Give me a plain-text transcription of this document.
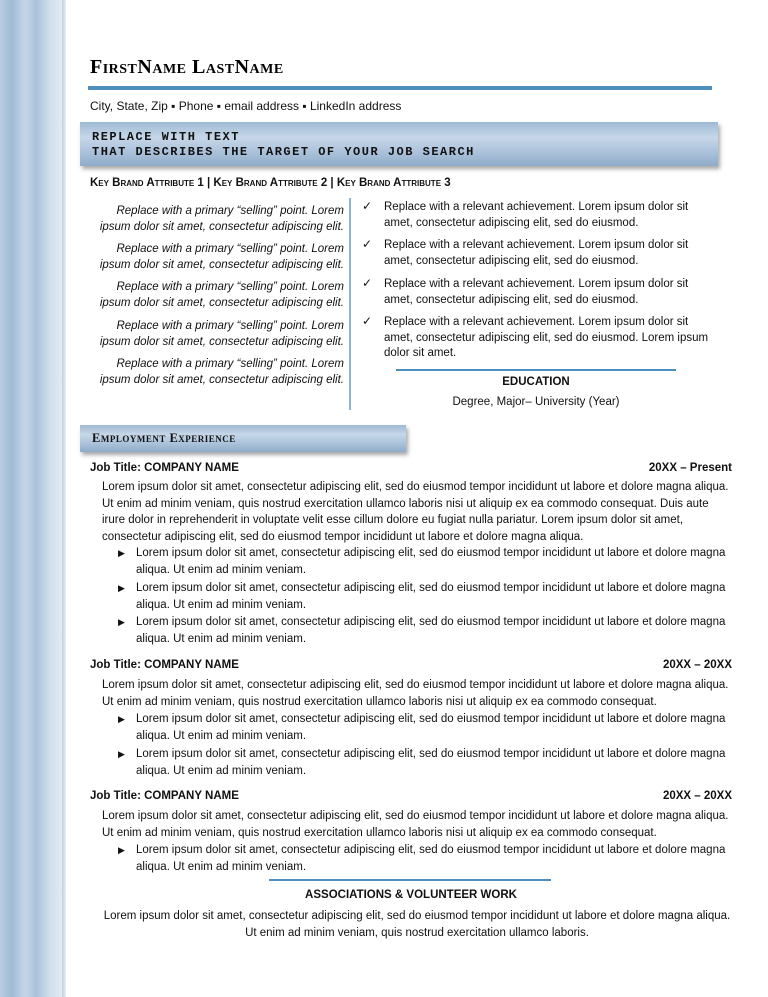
FirstName LastName
City, State, Zip ▪ Phone ▪ email address ▪ LinkedIn address
REPLACE WITH TEXT
THAT DESCRIBES THE TARGET OF YOUR JOB SEARCH
Key Brand Attribute 1 | Key Brand Attribute 2 | Key Brand Attribute 3
Replace with a primary “selling” point. Lorem ipsum dolor sit amet, consectetur adipiscing elit.
Replace with a primary “selling” point. Lorem ipsum dolor sit amet, consectetur adipiscing elit.
Replace with a primary “selling” point. Lorem ipsum dolor sit amet, consectetur adipiscing elit.
Replace with a primary “selling” point. Lorem ipsum dolor sit amet, consectetur adipiscing elit.
Replace with a primary “selling” point. Lorem ipsum dolor sit amet, consectetur adipiscing elit.
✓ Replace with a relevant achievement. Lorem ipsum dolor sit amet, consectetur adipiscing elit, sed do eiusmod.
✓ Replace with a relevant achievement. Lorem ipsum dolor sit amet, consectetur adipiscing elit, sed do eiusmod.
✓ Replace with a relevant achievement. Lorem ipsum dolor sit amet, consectetur adipiscing elit, sed do eiusmod.
✓ Replace with a relevant achievement. Lorem ipsum dolor sit amet, consectetur adipiscing elit, sed do eiusmod. Lorem ipsum dolor sit amet.
EDUCATION
Degree, Major– University (Year)
Employment Experience
Job Title: COMPANY NAME	20XX – Present
Lorem ipsum dolor sit amet, consectetur adipiscing elit, sed do eiusmod tempor incididunt ut labore et dolore magna aliqua. Ut enim ad minim veniam, quis nostrud exercitation ullamco laboris nisi ut aliquip ex ea commodo consequat. Duis aute irure dolor in reprehenderit in voluptate velit esse cillum dolore eu fugiat nulla pariatur. Lorem ipsum dolor sit amet, consectetur adipiscing elit, sed do eiusmod tempor incididunt ut labore et dolore magna aliqua.
▶ Lorem ipsum dolor sit amet, consectetur adipiscing elit, sed do eiusmod tempor incididunt ut labore et dolore magna aliqua. Ut enim ad minim veniam.
▶ Lorem ipsum dolor sit amet, consectetur adipiscing elit, sed do eiusmod tempor incididunt ut labore et dolore magna aliqua. Ut enim ad minim veniam.
▶ Lorem ipsum dolor sit amet, consectetur adipiscing elit, sed do eiusmod tempor incididunt ut labore et dolore magna aliqua. Ut enim ad minim veniam.
Job Title: COMPANY NAME	20XX – 20XX
Lorem ipsum dolor sit amet, consectetur adipiscing elit, sed do eiusmod tempor incididunt ut labore et dolore magna aliqua. Ut enim ad minim veniam, quis nostrud exercitation ullamco laboris nisi ut aliquip ex ea commodo consequat.
▶ Lorem ipsum dolor sit amet, consectetur adipiscing elit, sed do eiusmod tempor incididunt ut labore et dolore magna aliqua. Ut enim ad minim veniam.
▶ Lorem ipsum dolor sit amet, consectetur adipiscing elit, sed do eiusmod tempor incididunt ut labore et dolore magna aliqua. Ut enim ad minim veniam.
Job Title: COMPANY NAME	20XX – 20XX
Lorem ipsum dolor sit amet, consectetur adipiscing elit, sed do eiusmod tempor incididunt ut labore et dolore magna aliqua. Ut enim ad minim veniam, quis nostrud exercitation ullamco laboris nisi ut aliquip ex ea commodo consequat.
▶ Lorem ipsum dolor sit amet, consectetur adipiscing elit, sed do eiusmod tempor incididunt ut labore et dolore magna aliqua. Ut enim ad minim veniam.
ASSOCIATIONS & VOLUNTEER WORK
Lorem ipsum dolor sit amet, consectetur adipiscing elit, sed do eiusmod tempor incididunt ut labore et dolore magna aliqua. Ut enim ad minim veniam, quis nostrud exercitation ullamco laboris.
